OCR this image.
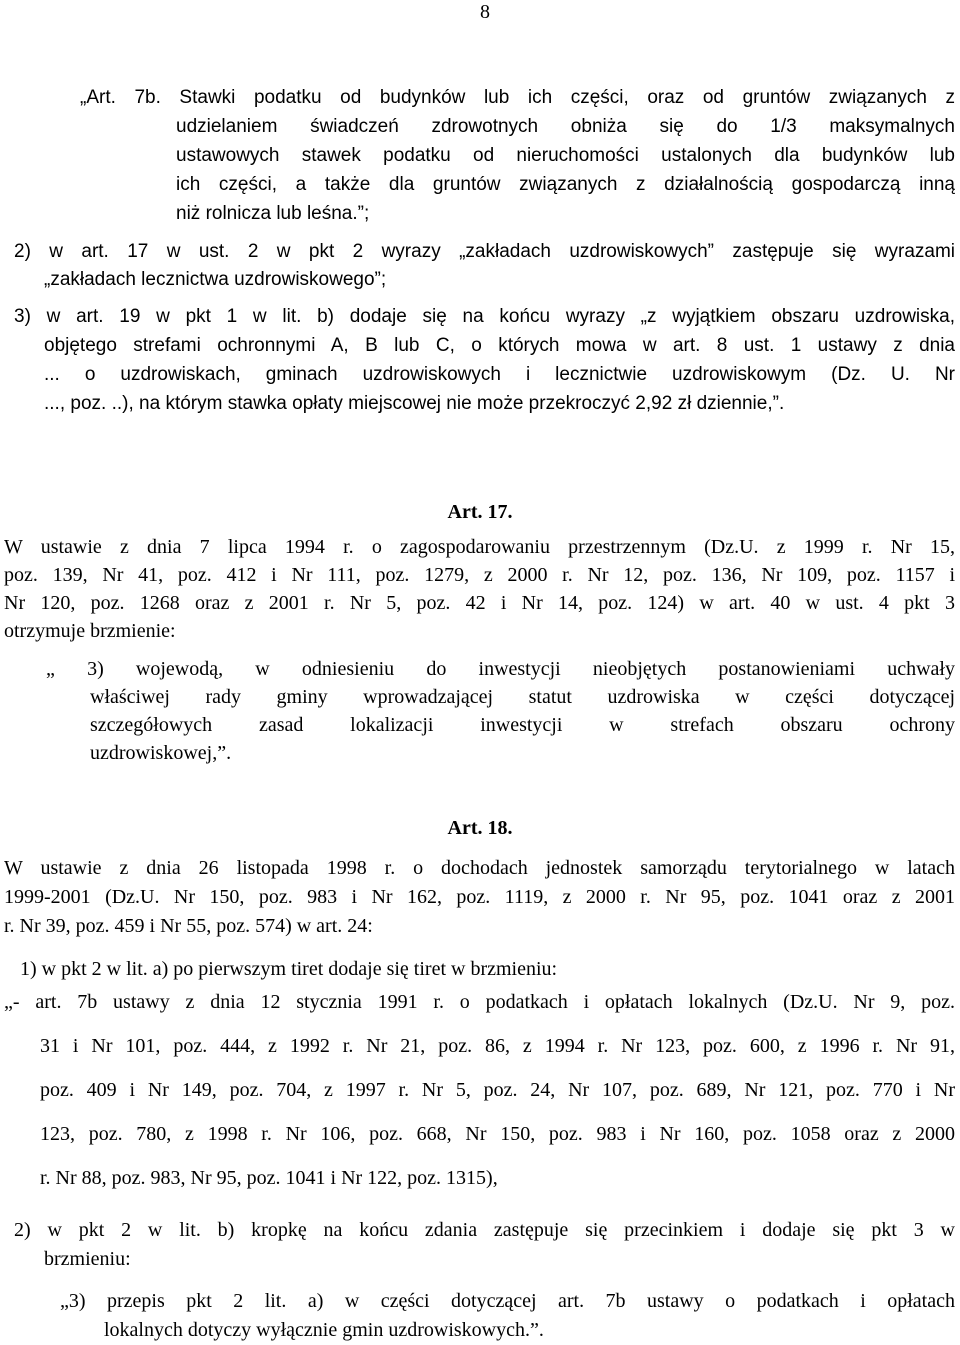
8
„Art. 7b. Stawki podatku od budynków lub ich części, oraz od gruntów związanych z
udzielaniem świadczeń zdrowotnych obniża się do 1/3 maksymalnych
ustawowych stawek podatku od nieruchomości ustalonych dla budynków lub
ich części, a także dla gruntów związanych z działalnością gospodarczą inną
niż rolnicza lub leśna.”;
2) w art. 17 w ust. 2 w pkt 2 wyrazy „zakładach uzdrowiskowych” zastępuje się wyrazami
„zakładach lecznictwa uzdrowiskowego”;
3) w art. 19 w pkt 1 w lit. b) dodaje się na końcu wyrazy „z wyjątkiem obszaru uzdrowiska,
objętego strefami ochronnymi A, B lub C, o których mowa w art. 8 ust. 1 ustawy z dnia
... o uzdrowiskach, gminach uzdrowiskowych i lecznictwie uzdrowiskowym (Dz. U. Nr
..., poz. ..), na którym stawka opłaty miejscowej nie może przekroczyć 2,92 zł dziennie,”.
Art. 17.
W ustawie z dnia 7 lipca 1994 r. o zagospodarowaniu przestrzennym (Dz.U. z 1999 r. Nr 15,
poz. 139, Nr 41, poz. 412 i Nr 111, poz. 1279, z 2000 r. Nr 12, poz. 136, Nr 109, poz. 1157 i
Nr 120, poz. 1268 oraz z 2001 r. Nr 5, poz. 42 i Nr 14, poz. 124) w art. 40 w ust. 4 pkt 3
otrzymuje brzmienie:
„ 3) wojewodą, w odniesieniu do inwestycji nieobjętych postanowieniami uchwały
właściwej rady gminy wprowadzającej statut uzdrowiska w części dotyczącej
szczegółowych zasad lokalizacji inwestycji w strefach obszaru ochrony
uzdrowiskowej,”.
Art. 18.
W ustawie z dnia 26 listopada 1998 r. o dochodach jednostek samorządu terytorialnego w latach
1999-2001 (Dz.U. Nr 150, poz. 983 i Nr 162, poz. 1119, z 2000 r. Nr 95, poz. 1041 oraz z 2001
r. Nr 39, poz. 459 i Nr 55, poz. 574) w art. 24:
1) w pkt 2 w lit. a) po pierwszym tiret dodaje się tiret w brzmieniu:
„- art. 7b ustawy z dnia 12 stycznia 1991 r. o podatkach i opłatach lokalnych (Dz.U. Nr 9, poz.
31 i Nr 101, poz. 444, z 1992 r. Nr 21, poz. 86, z 1994 r. Nr 123, poz. 600, z 1996 r. Nr 91,
poz. 409 i Nr 149, poz. 704, z 1997 r. Nr 5, poz. 24, Nr 107, poz. 689, Nr 121, poz. 770 i Nr
123, poz. 780, z 1998 r. Nr 106, poz. 668, Nr 150, poz. 983 i Nr 160, poz. 1058 oraz z 2000
r. Nr 88, poz. 983, Nr 95, poz. 1041 i Nr 122, poz. 1315),
2) w pkt 2 w lit. b) kropkę na końcu zdania zastępuje się przecinkiem i dodaje się pkt 3 w
brzmieniu:
„3) przepis pkt 2 lit. a) w części dotyczącej art. 7b ustawy o podatkach i opłatach
lokalnych dotyczy wyłącznie gmin uzdrowiskowych.”.
